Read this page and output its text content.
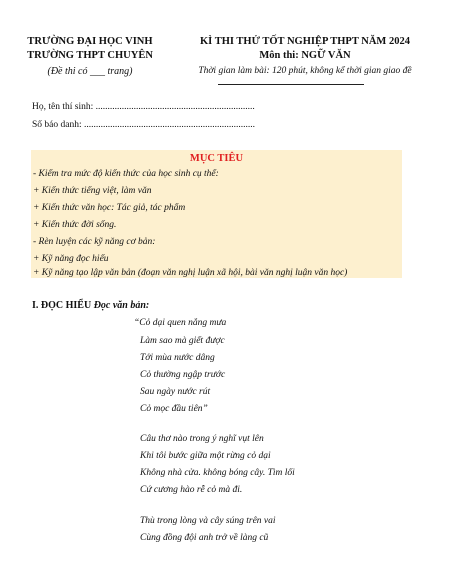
TRƯỜNG ĐẠI HỌC VINH
TRƯỜNG THPT CHUYÊN
(Đề thi có ___ trang)
KÌ THI THỬ TỐT NGHIỆP THPT NĂM 2024
Môn thi: NGỮ VĂN
Thời gian làm bài: 120 phút, không kể thời gian giao đề
Họ, tên thí sinh: ...................................................................
Số báo danh: ........................................................................
MỤC TIÊU
- Kiểm tra mức độ kiến thức của học sinh cụ thể:
+ Kiến thức tiếng việt, làm văn
+ Kiến thức văn học: Tác giả, tác phẩm
+ Kiến thức đời sống.
- Rèn luyện các kỹ năng cơ bản:
+ Kỹ năng đọc hiểu
+ Kỹ năng tạo lập văn bản (đoạn văn nghị luận xã hội, bài văn nghị luận văn học)
I. ĐỌC HIỂU Đọc văn bản:
“Cỏ dại quen nắng mưa
Làm sao mà giết được
Tới mùa nước dâng
Cỏ thường ngập trước
Sau ngày nước rút
Cỏ mọc đầu tiên”
Câu thơ nào trong ý nghĩ vụt lên
Khi tôi bước giữa một rừng cỏ dại
Không nhà cửa. không bóng cây. Tìm lối
Cứ cương hào rễ cỏ mà đi.
Thù trong lòng và cây súng trên vai
Cùng đồng đội anh trở về làng cũ
